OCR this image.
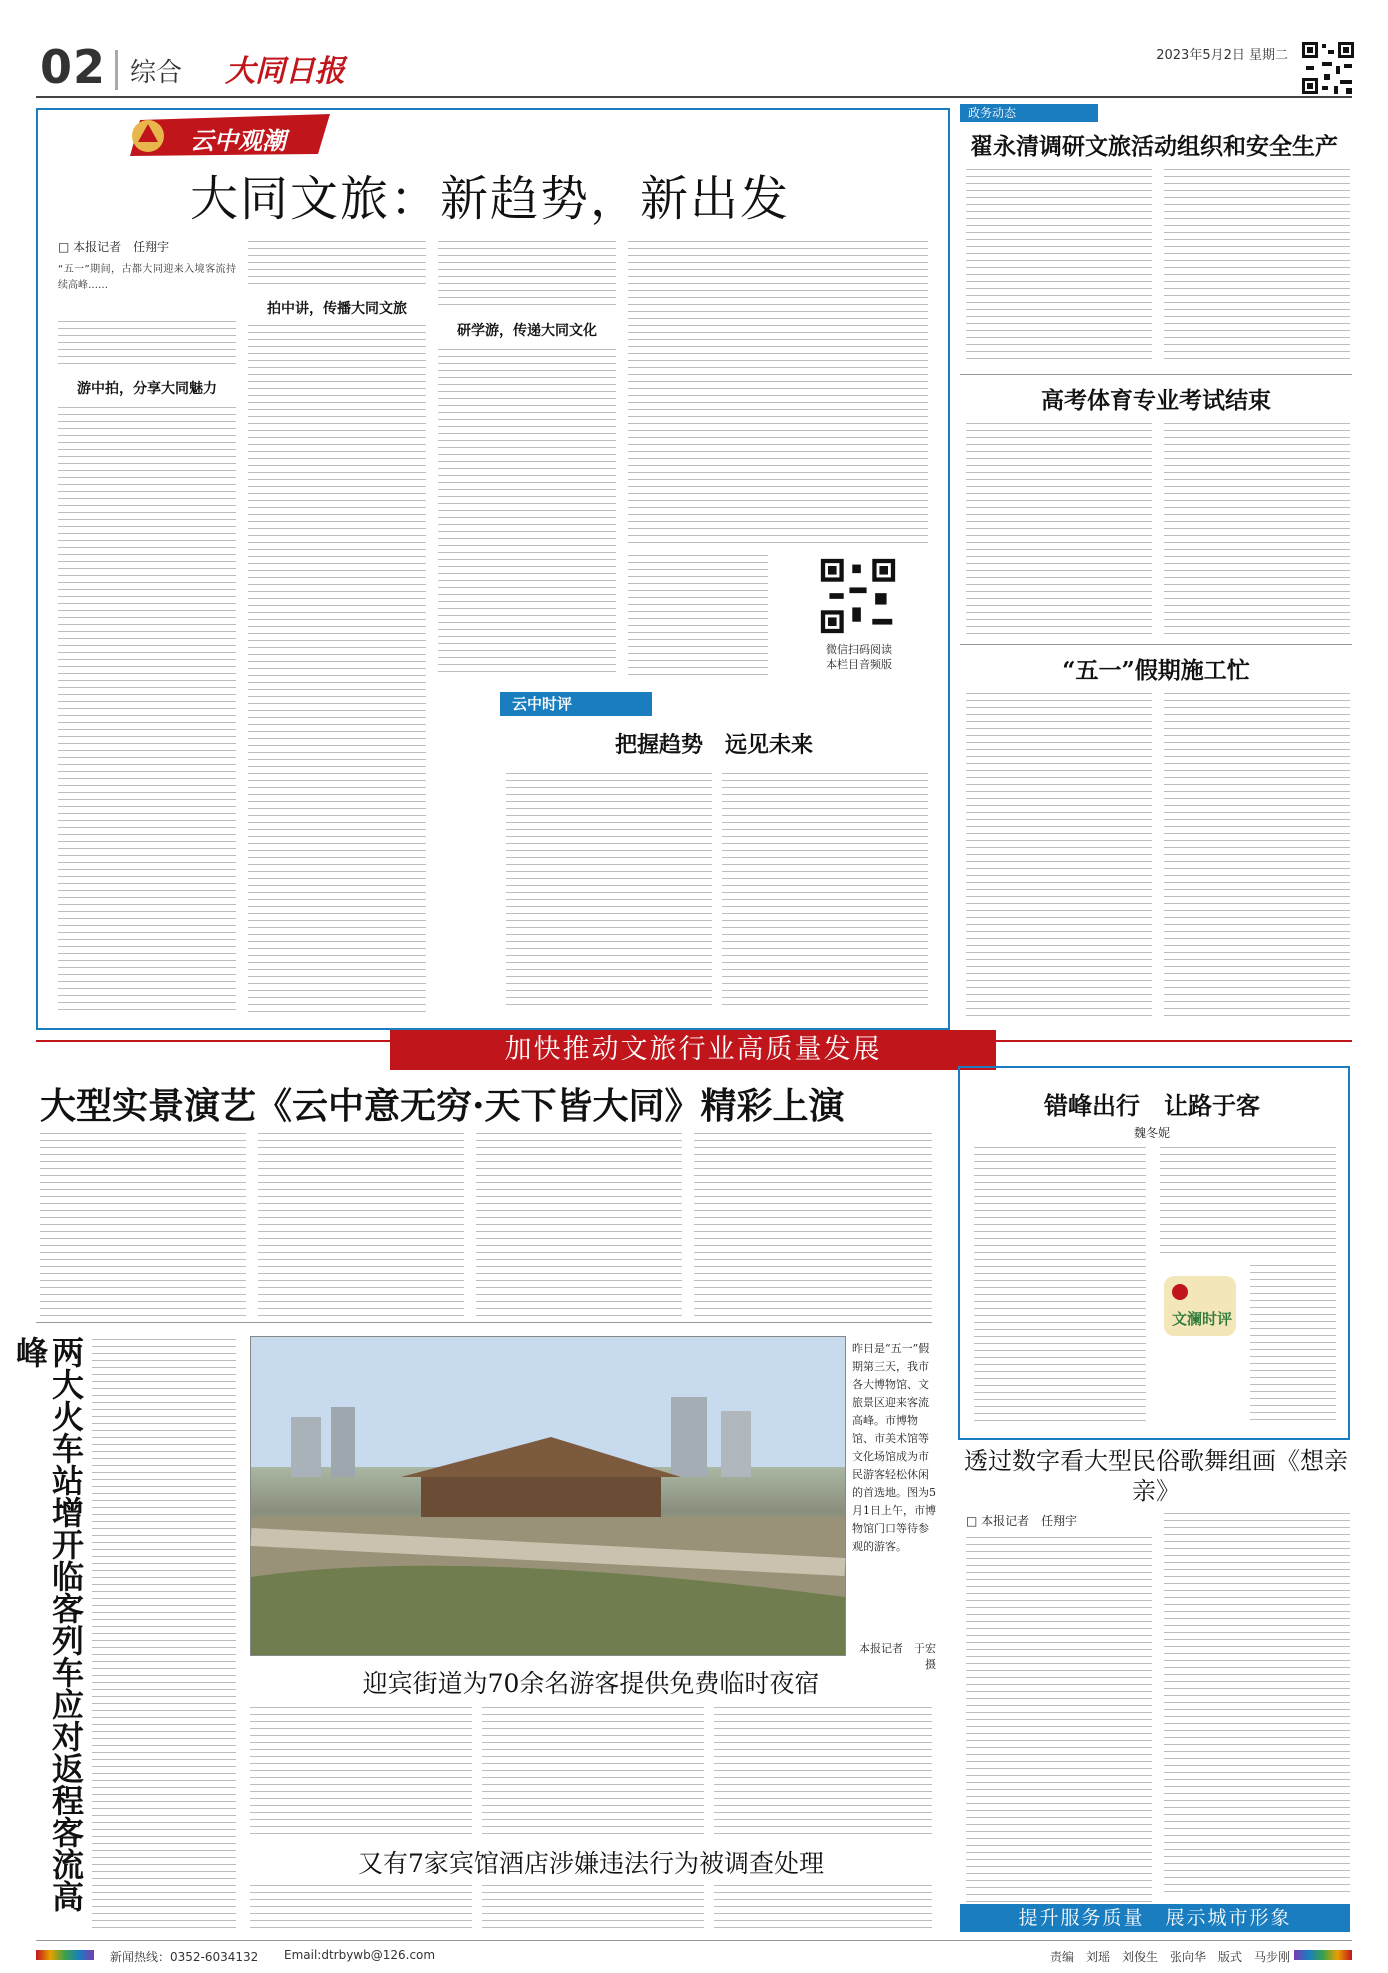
02 综合 大同日报	2023年5月2日 星期二
云中观潮
大同文旅：新趋势，新出发
□ 本报记者　任翔宇
“五一”期间，古都大同迎来入境客流持续高峰……
游中拍，分享大同魅力
拍中讲，传播大同文旅
研学游，传递大同文化
微信扫码阅读
本栏目音频版
云中时评
把握趋势　远见未来
政务动态
翟永清调研文旅活动组织和安全生产
高考体育专业考试结束
“五一”假期施工忙
加快推动文旅行业高质量发展
大型实景演艺《云中意无穷·天下皆大同》精彩上演
两大火车站增开临客列车应对返程客流高峰	昨日是“五一”假期第三天，我市各大博物馆、文旅景区迎来客流高峰。市博物馆、市美术馆等文化场馆成为市民游客轻松休闲的首选地。图为5月1日上午，市博物馆门口等待参观的游客。
本报记者　于宏摄
迎宾街道为70余名游客提供免费临时夜宿
又有7家宾馆酒店涉嫌违法行为被调查处理
错峰出行　让路于客
魏冬妮
文澜时评
透过数字看大型民俗歌舞组画《想亲亲》
□ 本报记者　任翔宇
提升服务质量　展示城市形象
新闻热线：0352-6034132 Email:dtrbywb@126.com	责编　刘瑶　刘俊生　张向华　版式　马步刚
